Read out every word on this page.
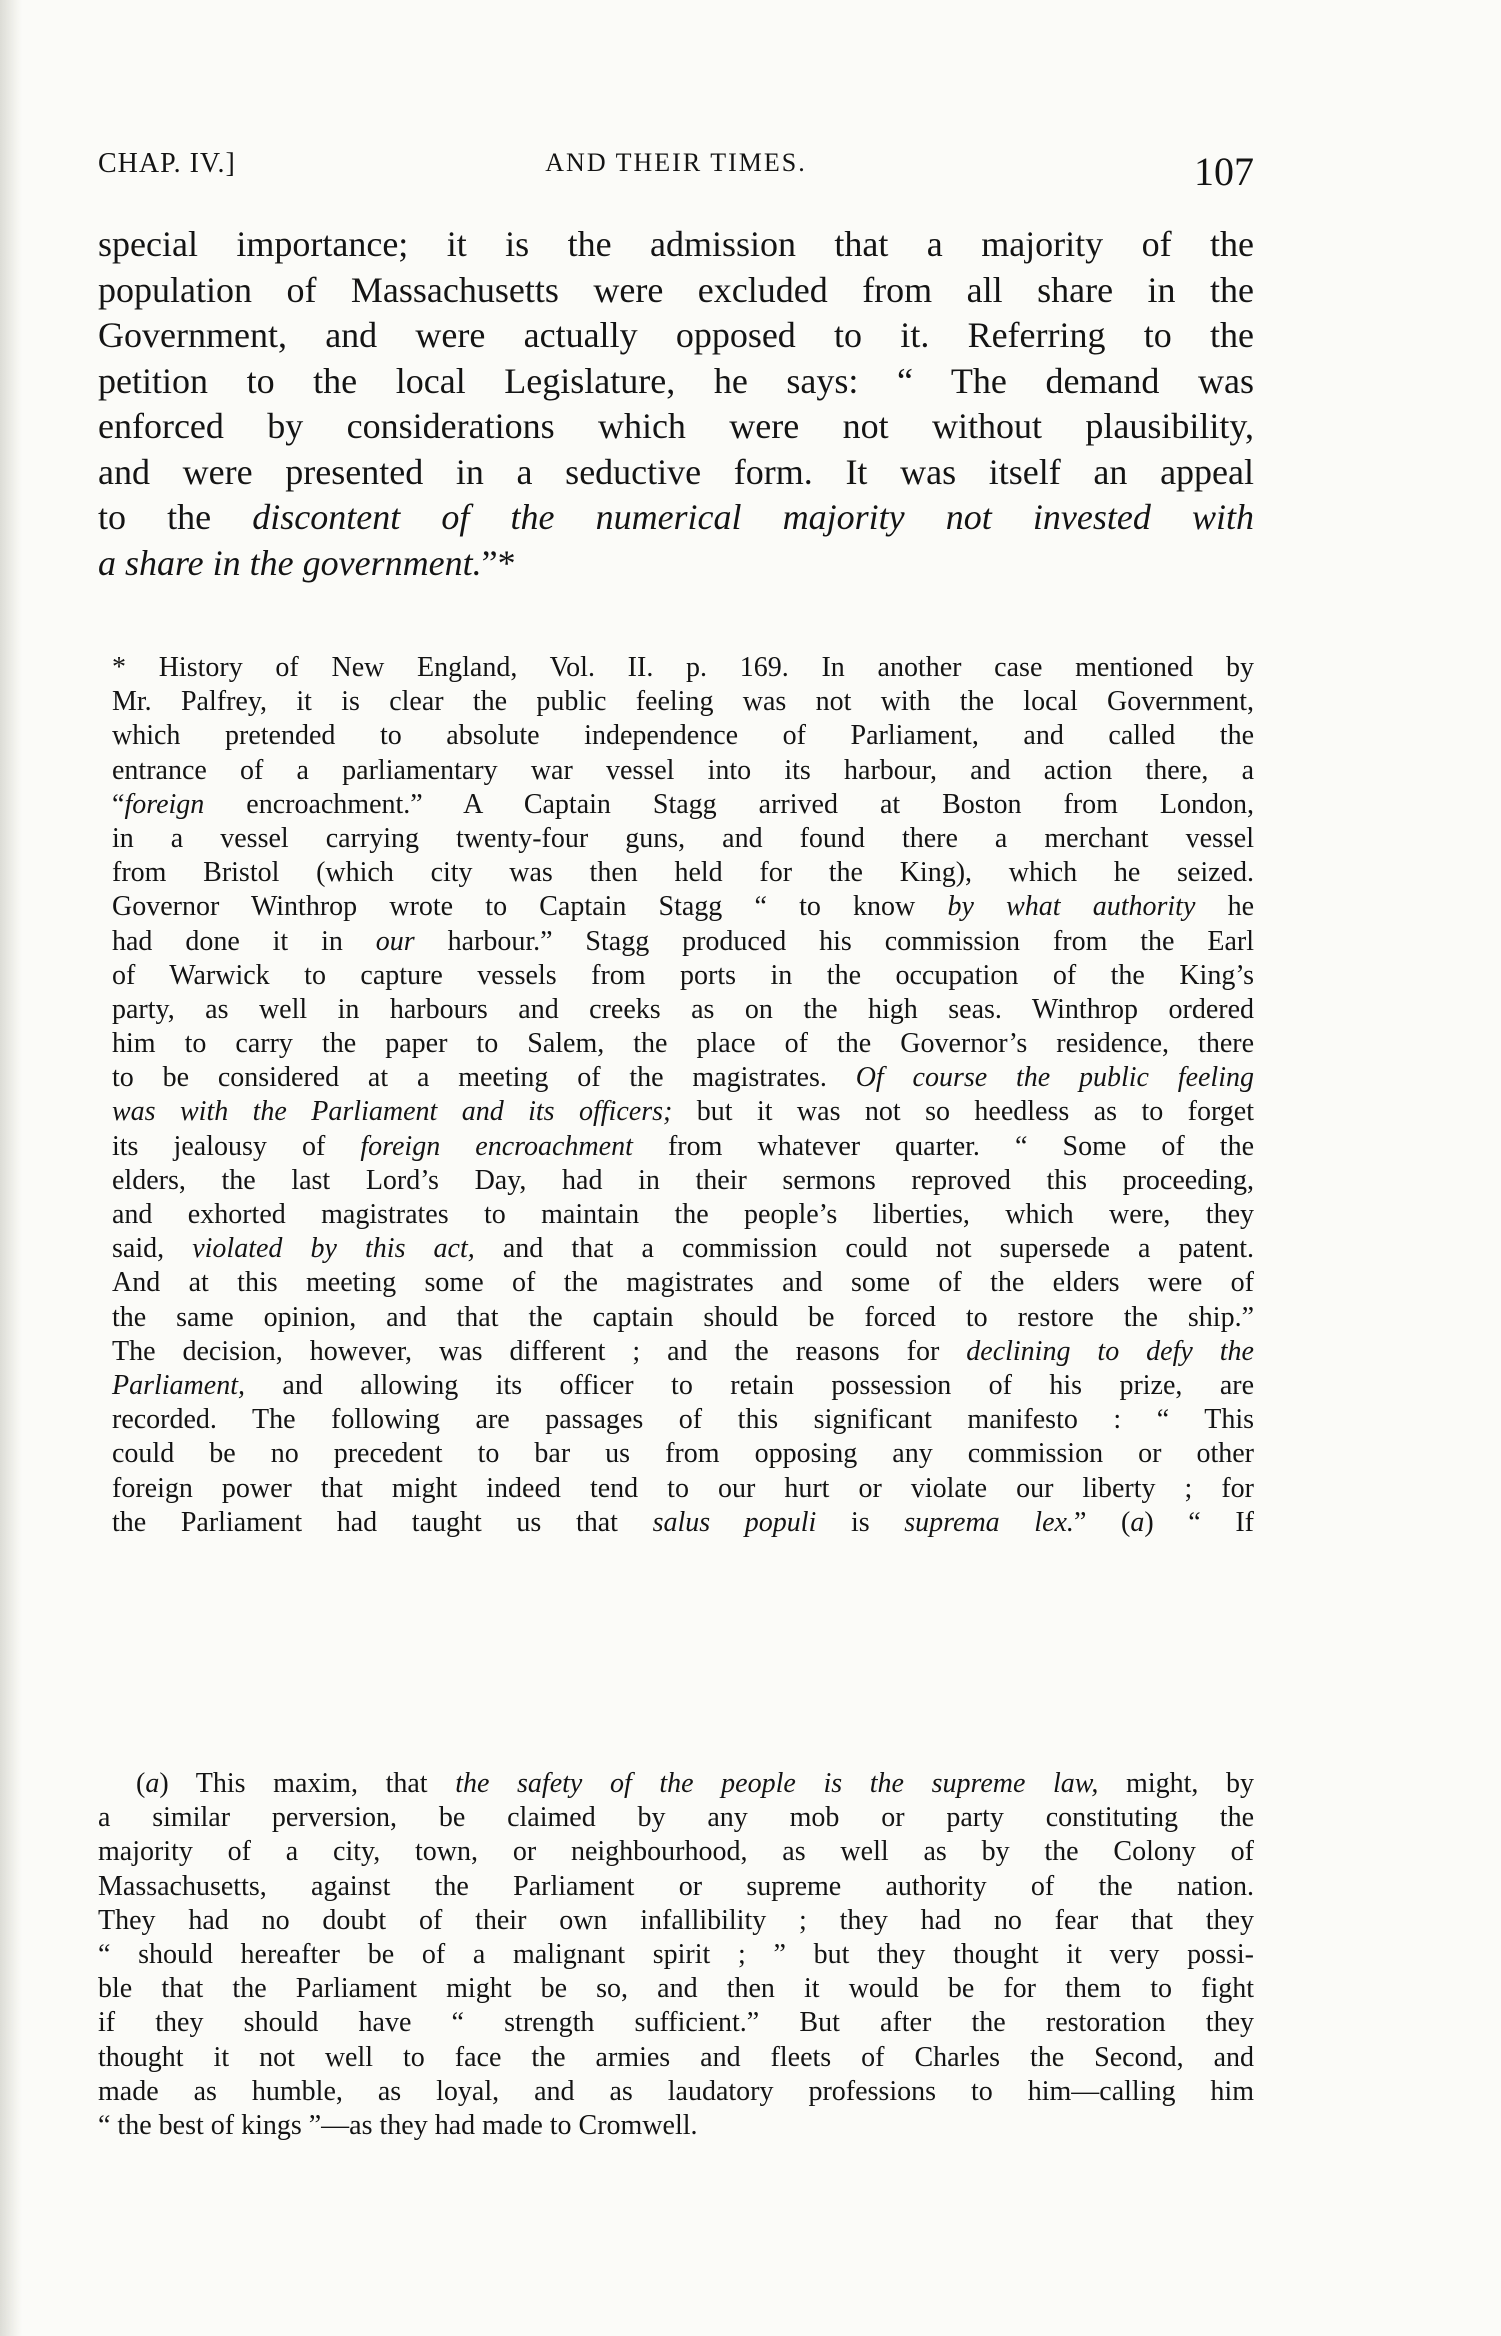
CHAP. IV.]	AND THEIR TIMES.	107
special importance; it is the admission that a majority of the
population of Massachusetts were excluded from all share in the
Government, and were actually opposed to it. Referring to the
petition to the local Legislature, he says: “ The demand was
enforced by considerations which were not without plausibility,
and were presented in a seductive form. It was itself an appeal
to the discontent of the numerical majority not invested with
a share in the government.”*
* History of New England, Vol. II. p. 169. In another case mentioned by
Mr. Palfrey, it is clear the public feeling was not with the local Government,
which pretended to absolute independence of Parliament, and called the
entrance of a parliamentary war vessel into its harbour, and action there, a
“foreign encroachment.” A Captain Stagg arrived at Boston from London,
in a vessel carrying twenty-four guns, and found there a merchant vessel
from Bristol (which city was then held for the King), which he seized.
Governor Winthrop wrote to Captain Stagg “ to know by what authority he
had done it in our harbour.” Stagg produced his commission from the Earl
of Warwick to capture vessels from ports in the occupation of the King’s
party, as well in harbours and creeks as on the high seas. Winthrop ordered
him to carry the paper to Salem, the place of the Governor’s residence, there
to be considered at a meeting of the magistrates. Of course the public feeling
was with the Parliament and its officers; but it was not so heedless as to forget
its jealousy of foreign encroachment from whatever quarter. “ Some of the
elders, the last Lord’s Day, had in their sermons reproved this proceeding,
and exhorted magistrates to maintain the people’s liberties, which were, they
said, violated by this act, and that a commission could not supersede a patent.
And at this meeting some of the magistrates and some of the elders were of
the same opinion, and that the captain should be forced to restore the ship.”
The decision, however, was different ; and the reasons for declining to defy the
Parliament, and allowing its officer to retain possession of his prize, are
recorded. The following are passages of this significant manifesto : “ This
could be no precedent to bar us from opposing any commission or other
foreign power that might indeed tend to our hurt or violate our liberty ; for
the Parliament had taught us that salus populi is suprema lex.” (a) “ If
(a) This maxim, that the safety of the people is the supreme law, might, by
a similar perversion, be claimed by any mob or party constituting the
majority of a city, town, or neighbourhood, as well as by the Colony of
Massachusetts, against the Parliament or supreme authority of the nation.
They had no doubt of their own infallibility ; they had no fear that they
“ should hereafter be of a malignant spirit ; ” but they thought it very possi-
ble that the Parliament might be so, and then it would be for them to fight
if they should have “ strength sufficient.” But after the restoration they
thought it not well to face the armies and fleets of Charles the Second, and
made as humble, as loyal, and as laudatory professions to him—calling him
“ the best of kings ”—as they had made to Cromwell.
